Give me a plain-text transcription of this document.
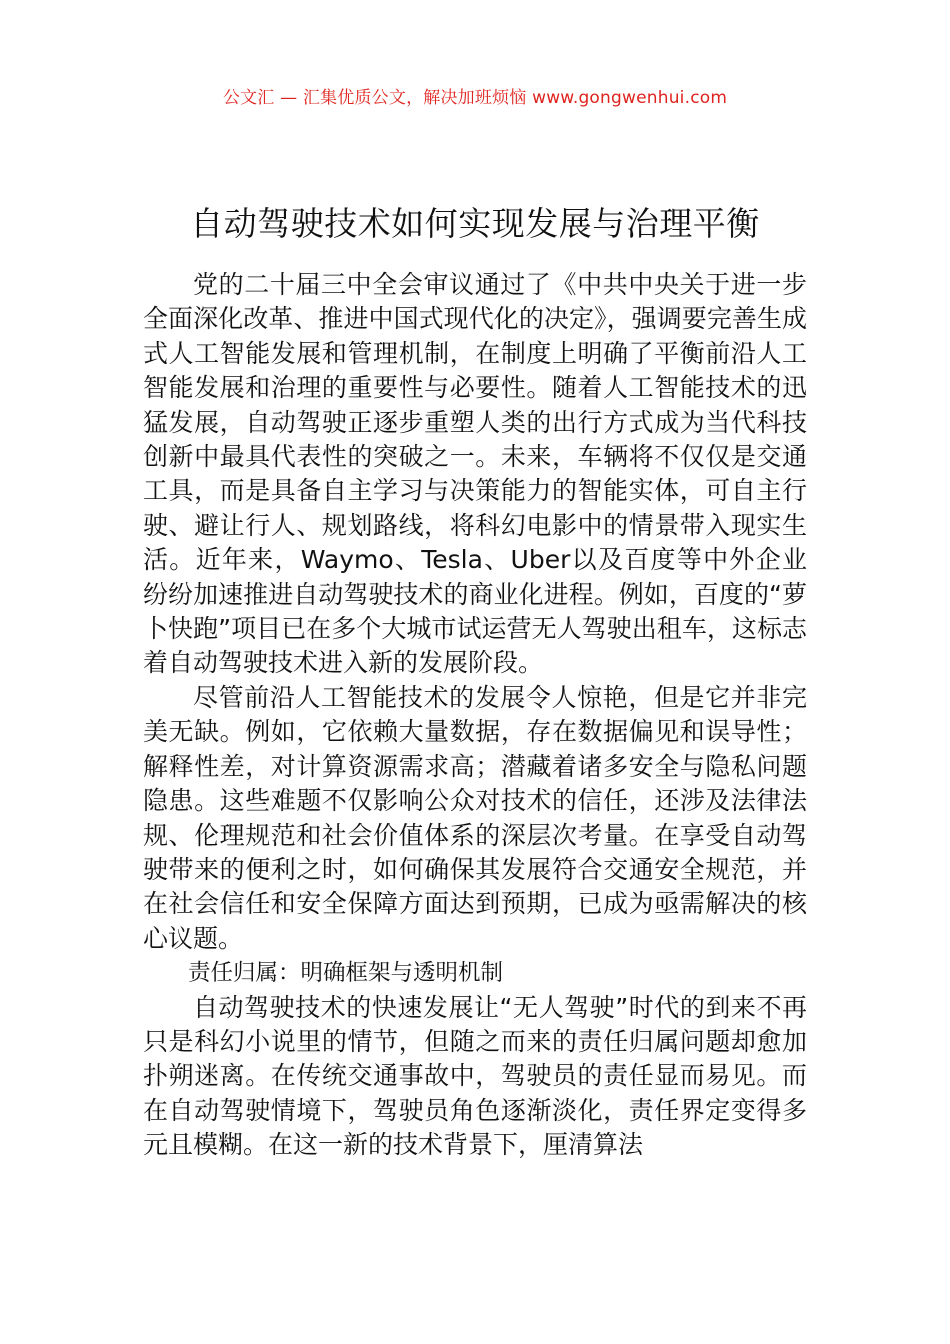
公文汇 — 汇集优质公文，解决加班烦恼 www.gongwenhui.com
自动驾驶技术如何实现发展与治理平衡

党的二十届三中全会审议通过了《中共中央关于进一步全面深化改革、推进中国式现代化的决定》，强调要完善生成式人工智能发展和管理机制，在制度上明确了平衡前沿人工智能发展和治理的重要性与必要性。随着人工智能技术的迅猛发展，自动驾驶正逐步重塑人类的出行方式成为当代科技创新中最具代表性的突破之一。未来，车辆将不仅仅是交通工具，而是具备自主学习与决策能力的智能实体，可自主行驶、避让行人、规划路线，将科幻电影中的情景带入现实生活。近年来，Waymo、Tesla、Uber以及百度等中外企业纷纷加速推进自动驾驶技术的商业化进程。例如，百度的“萝卜快跑”项目已在多个大城市试运营无人驾驶出租车，这标志着自动驾驶技术进入新的发展阶段。

尽管前沿人工智能技术的发展令人惊艳，但是它并非完美无缺。例如，它依赖大量数据，存在数据偏见和误导性；解释性差，对计算资源需求高；潜藏着诸多安全与隐私问题隐患。这些难题不仅影响公众对技术的信任，还涉及法律法规、伦理规范和社会价值体系的深层次考量。在享受自动驾驶带来的便利之时，如何确保其发展符合交通安全规范，并在社会信任和安全保障方面达到预期，已成为亟需解决的核心议题。

责任归属：明确框架与透明机制

自动驾驶技术的快速发展让“无人驾驶”时代的到来不再只是科幻小说里的情节，但随之而来的责任归属问题却愈加扑朔迷离。在传统交通事故中，驾驶员的责任显而易见。而在自动驾驶情境下，驾驶员角色逐渐淡化，责任界定变得多元且模糊。在这一新的技术背景下，厘清算法
